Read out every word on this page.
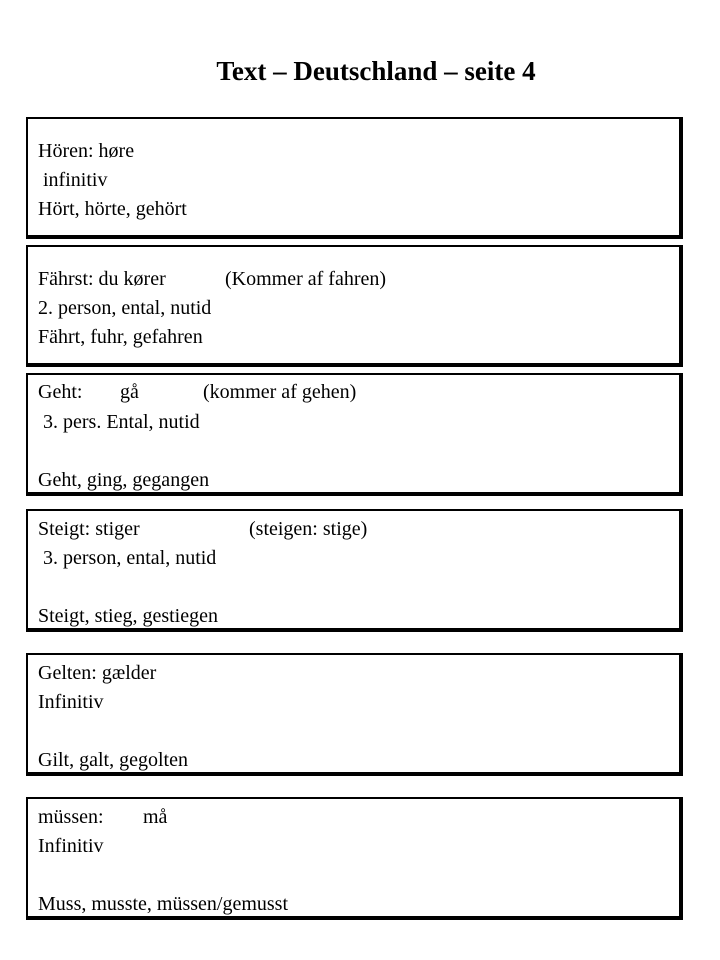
Text – Deutschland – seite 4
Hören: høre
infinitiv
Hört, hörte, gehört
Fährst: du kører	(Kommer af fahren)
2. person, ental, nutid
Fährt, fuhr, gefahren
Geht: gå	(kommer af gehen)
3. pers. Ental, nutid
Geht, ging, gegangen
Steigt: stiger	(steigen: stige)
3. person, ental, nutid
Steigt, stieg, gestiegen
Gelten: gælder
Infinitiv
Gilt, galt, gegolten
müssen: må
Infinitiv
Muss, musste, müssen/gemusst
